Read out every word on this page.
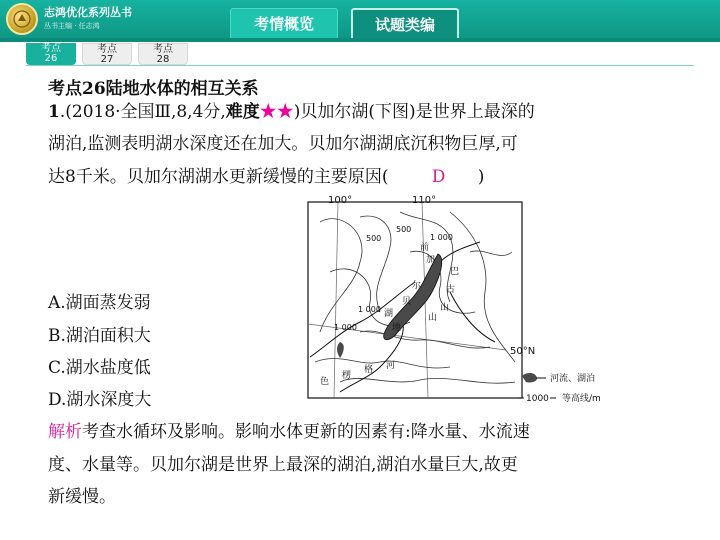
志鸿优化系列丛书
丛书主编 · 任志鸿	考情概览	试题类编
考点
26
考点
27
考点
28
考点26陆地水体的相互关系
1.(2018·全国Ⅲ,8,4分,难度★★)贝加尔湖(下图)是世界上最深的
湖泊,监测表明湖水深度还在加大。贝加尔湖湖底沉积物巨厚,可
达8千米。贝加尔湖湖水更新缓慢的主要原因(	D )
A.湖面蒸发弱
B.湖泊面积大
C.湖水盐度低
D.湖水深度大
解析考查水循环及影响。影响水体更新的因素有:降水量、水流速
度、水量等。贝加尔湖是世界上最深的湖泊,湖泊水量巨大,故更
新缓慢。
100°	110°
50°N
500
500
1 000
1 000
1 000
前
加
尔
贝
巴
古
山
湖
山
地
色
楞
格 河
河流、湖泊
1000 等高线/m
